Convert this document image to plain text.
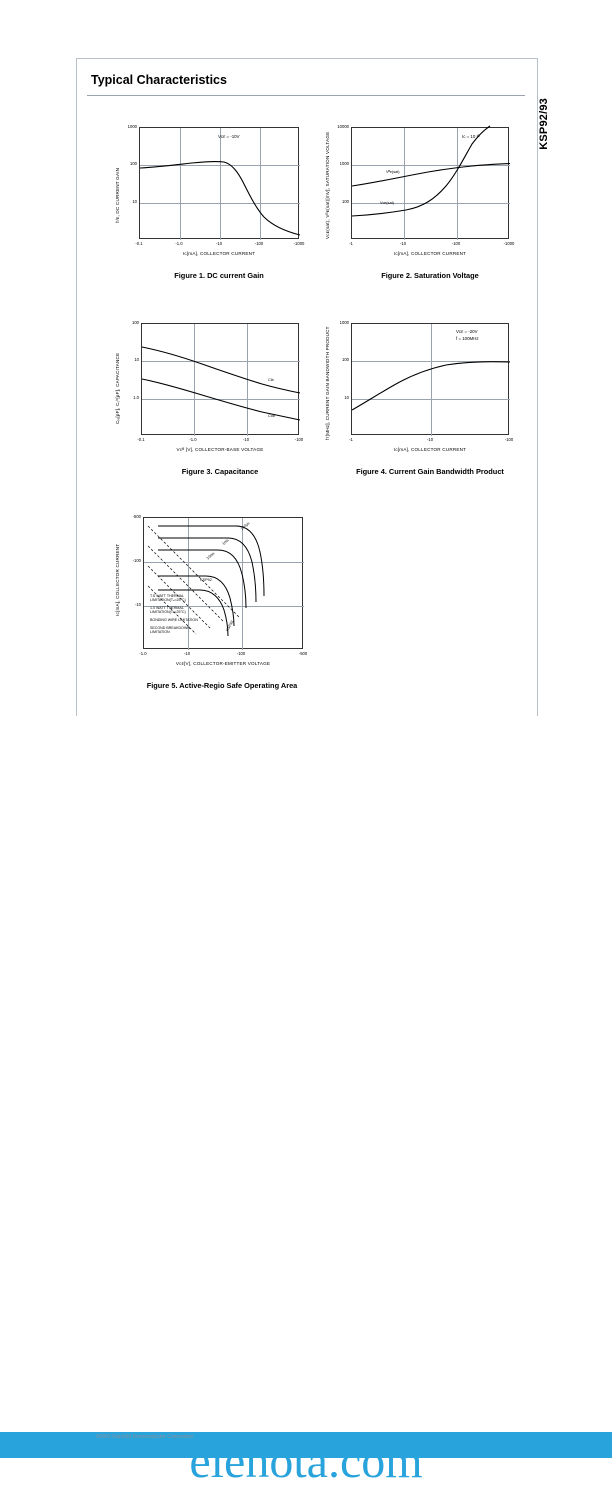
KSP92/93
Typical Characteristics
hᶠᴇ, DC CURRENT GAIN
Vᴄᴇ = -10V
1000
100
10
-0.1	-1.0	-10	-100	-1000
Iᴄ[mA], COLLECTOR CURRENT
Figure 1. DC current Gain
Vᴄᴇ(sat), Vᴮᴇ(sat)[mV], SATURATION VOLTAGE	Iᴄ = 10 Iᴮ
Vᴮᴇ(sat)
Vᴄᴇ(sat)
10000
1000
100
-1	-10	-100	-1000
Iᴄ[mA], COLLECTOR CURRENT
Figure 2. Saturation Voltage
Cᵢₑ[pF], Cₒᵇ[pF], CAPACITANCE	Cib
Cob
100
10
1.0
-0.1	-1.0	-10	-100
Vᴄᴮ [V], COLLECTOR-BASE VOLTAGE
Figure 3. Capacitance
fᴛ[MHz], CURRENT GAIN BANDWIDTH PRODUCT	Vᴄᴇ = -20V
f = 100MHz
1000
100
10
-1	-10	-100
Iᴄ[mA], COLLECTOR CURRENT
Figure 4. Current Gain Bandwidth Product
Iᴄ[mA], COLLECTOR CURRENT
100μs
1ms
10ms
KSP92
KSP93
T.S WATT THERMAL LIMITATION(Tₐ=25°C)
1.0 WATT THERMAL LIMITATION(Tₐ=25°C)
BONDING WIRE LIMITATION
SECOND BREAKDOWN LIMITATION
-500
-100
-10
-1.0	-10	-100	-500
Vᴄᴇ[V], COLLECTOR-EMITTER VOLTAGE
Figure 5. Active-Regio Safe Operating Area
©2002 Fairchild Semiconductor Corporation
elenota.com
